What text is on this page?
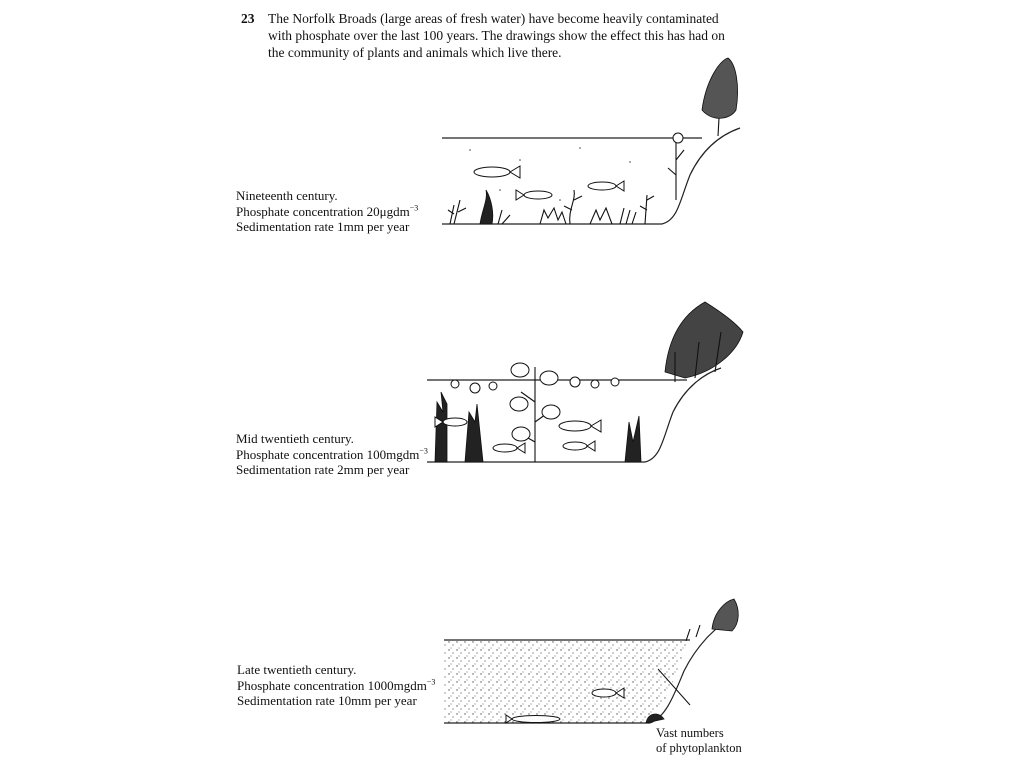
23 The Norfolk Broads (large areas of fresh water) have become heavily contaminated
with phosphate over the last 100 years. The drawings show the effect this has had on
the community of plants and animals which live there.
Nineteenth century.
Phosphate concentration 20μgdm$^{-3}$
Sedimentation rate 1mm per year
Mid twentieth century.
Phosphate concentration 100mgdm$^{-3}$
Sedimentation rate 2mm per year
Late twentieth century.
Phosphate concentration 1000mgdm$^{-3}$
Sedimentation rate 10mm per year
Vast numbers
of phytoplankton
